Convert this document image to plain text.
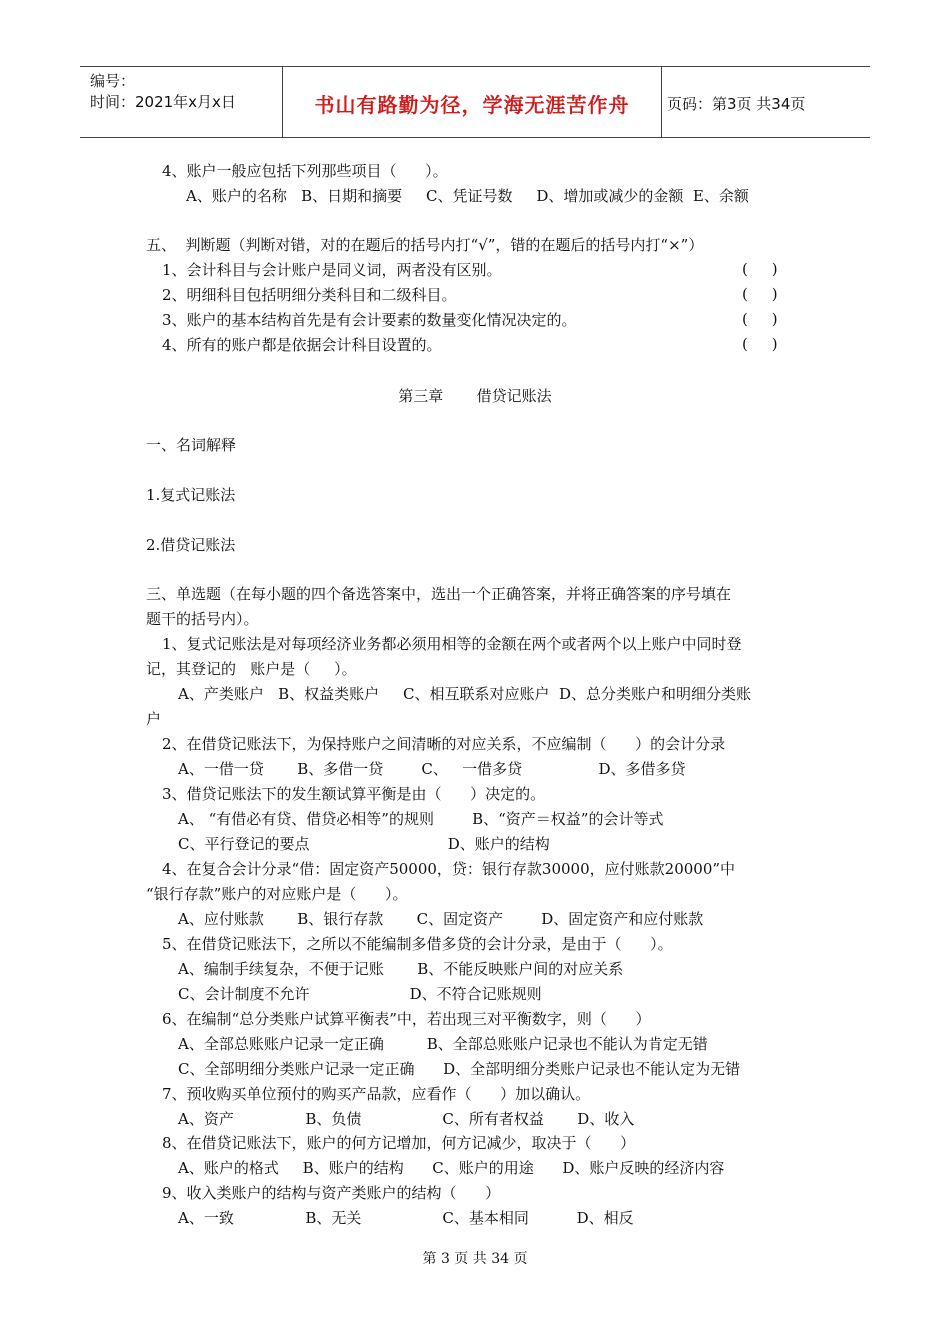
编号：
时间：2021年x月x日	书山有路勤为径，学海无涯苦作舟	页码：第3页 共34页
4、账户一般应包括下列那些项目（      ）。
A、账户的名称   B、日期和摘要     C、凭证号数     D、增加或减少的金额  E、余额
五、  判断题（判断对错，对的在题后的括号内打“√”，错的在题后的括号内打“×”）
1、会计科目与会计账户是同义词，两者没有区别。	(     )
2、明细科目包括明细分类科目和二级科目。	(     )
3、账户的基本结构首先是有会计要素的数量变化情况决定的。	(     )
4、所有的账户都是依据会计科目设置的。	(     )
第三章       借贷记账法
一、名词解释
1.复式记账法
2.借贷记账法
三、单选题（在每小题的四个备选答案中，选出一个正确答案，并将正确答案的序号填在
题干的括号内）。
1、复式记账法是对每项经济业务都必须用相等的金额在两个或者两个以上账户中同时登
记，其登记的   账户是（     ）。
A、产类账户   B、权益类账户     C、相互联系对应账户  D、总分类账户和明细分类账
户
2、在借贷记账法下，为保持账户之间清晰的对应关系，不应编制（      ）的会计分录
A、一借一贷       B、多借一贷        C、   一借多贷                D、多借多贷
3、借贷记账法下的发生额试算平衡是由（      ）决定的。
A、 “有借必有贷、借贷必相等”的规则        B、“资产＝权益”的会计等式
C、平行登记的要点                             D、账户的结构
4、在复合会计分录“借：固定资产50000，贷：银行存款30000，应付账款20000”中
“银行存款”账户的对应账户是（      ）。
A、应付账款       B、银行存款       C、固定资产        D、固定资产和应付账款
5、在借贷记账法下，之所以不能编制多借多贷的会计分录，是由于（      ）。
A、编制手续复杂，不便于记账       B、不能反映账户间的对应关系
C、会计制度不允许                     D、不符合记账规则
6、在编制“总分类账户试算平衡表”中，若出现三对平衡数字，则（      ）
A、全部总账账户记录一定正确         B、全部总账账户记录也不能认为肯定无错
C、全部明细分类账户记录一定正确      D、全部明细分类账户记录也不能认定为无错
7、预收购买单位预付的购买产品款，应看作（      ）加以确认。
A、资产               B、负债                 C、所有者权益       D、收入
8、在借贷记账法下，账户的何方记增加，何方记减少，取决于（      ）
A、账户的格式     B、账户的结构      C、账户的用途      D、账户反映的经济内容
9、收入类账户的结构与资产类账户的结构（      ）
A、一致               B、无关                 C、基本相同          D、相反
第 3 页 共 34 页
